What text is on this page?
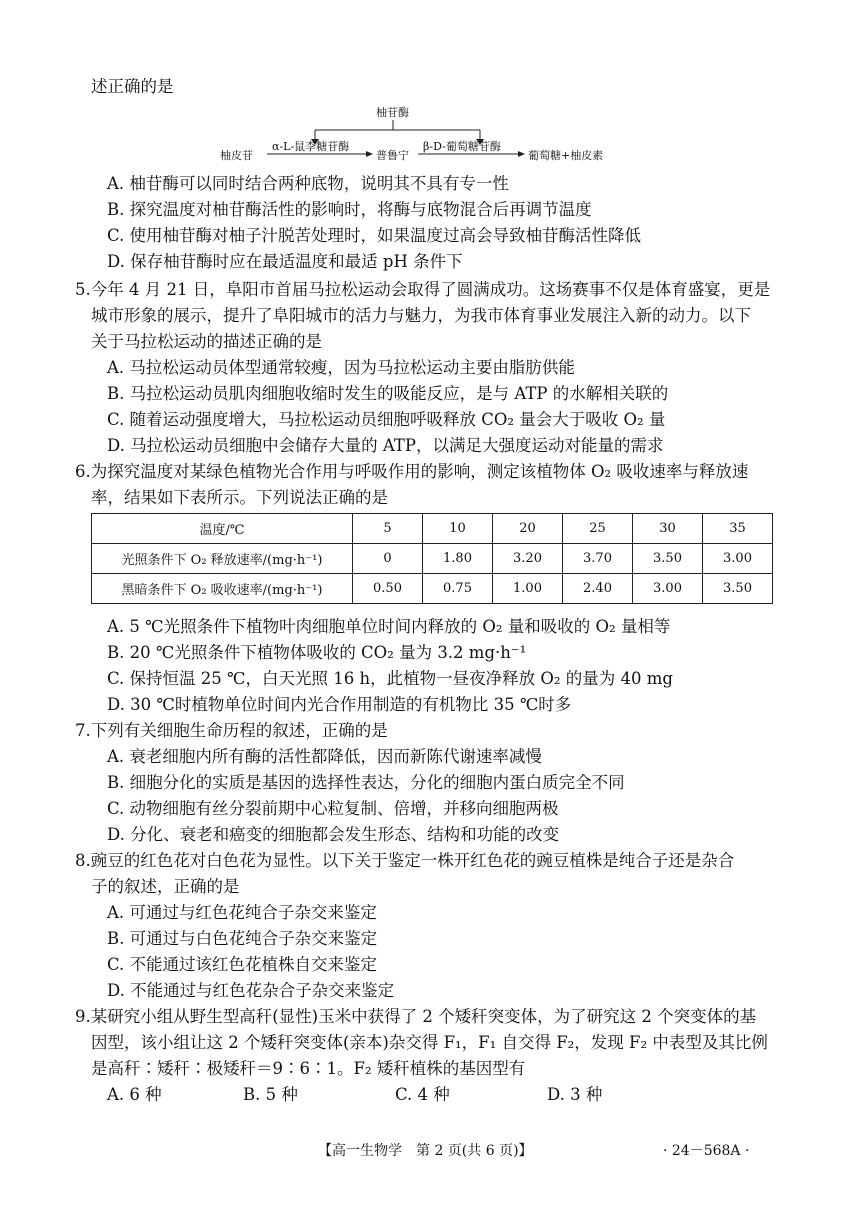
述正确的是
柚苷酶
柚皮苷
α-L-鼠李糖苷酶
普鲁宁
β-D-葡萄糖苷酶
葡萄糖+柚皮素
A. 柚苷酶可以同时结合两种底物，说明其不具有专一性
B. 探究温度对柚苷酶活性的影响时，将酶与底物混合后再调节温度
C. 使用柚苷酶对柚子汁脱苦处理时，如果温度过高会导致柚苷酶活性降低
D. 保存柚苷酶时应在最适温度和最适 pH 条件下
5.今年 4 月 21 日，阜阳市首届马拉松运动会取得了圆满成功。这场赛事不仅是体育盛宴，更是
城市形象的展示，提升了阜阳城市的活力与魅力，为我市体育事业发展注入新的动力。以下
关于马拉松运动的描述正确的是
A. 马拉松运动员体型通常较瘦，因为马拉松运动主要由脂肪供能
B. 马拉松运动员肌肉细胞收缩时发生的吸能反应，是与 ATP 的水解相关联的
C. 随着运动强度增大，马拉松运动员细胞呼吸释放 CO₂ 量会大于吸收 O₂ 量
D. 马拉松运动员细胞中会储存大量的 ATP，以满足大强度运动对能量的需求
6.为探究温度对某绿色植物光合作用与呼吸作用的影响，测定该植物体 O₂ 吸收速率与释放速
率，结果如下表所示。下列说法正确的是
温度/℃	5	10	20	25	30	35
光照条件下 O₂ 释放速率/(mg·h⁻¹)	0	1.80	3.20	3.70	3.50	3.00
黑暗条件下 O₂ 吸收速率/(mg·h⁻¹)	0.50	0.75	1.00	2.40	3.00	3.50
A. 5 ℃光照条件下植物叶肉细胞单位时间内释放的 O₂ 量和吸收的 O₂ 量相等
B. 20 ℃光照条件下植物体吸收的 CO₂ 量为 3.2 mg·h⁻¹
C. 保持恒温 25 ℃，白天光照 16 h，此植物一昼夜净释放 O₂ 的量为 40 mg
D. 30 ℃时植物单位时间内光合作用制造的有机物比 35 ℃时多
7.下列有关细胞生命历程的叙述，正确的是
A. 衰老细胞内所有酶的活性都降低，因而新陈代谢速率减慢
B. 细胞分化的实质是基因的选择性表达，分化的细胞内蛋白质完全不同
C. 动物细胞有丝分裂前期中心粒复制、倍增，并移向细胞两极
D. 分化、衰老和癌变的细胞都会发生形态、结构和功能的改变
8.豌豆的红色花对白色花为显性。以下关于鉴定一株开红色花的豌豆植株是纯合子还是杂合
子的叙述，正确的是
A. 可通过与红色花纯合子杂交来鉴定
B. 可通过与白色花纯合子杂交来鉴定
C. 不能通过该红色花植株自交来鉴定
D. 不能通过与红色花杂合子杂交来鉴定
9.某研究小组从野生型高秆(显性)玉米中获得了 2 个矮秆突变体，为了研究这 2 个突变体的基
因型，该小组让这 2 个矮秆突变体(亲本)杂交得 F₁，F₁ 自交得 F₂，发现 F₂ 中表型及其比例
是高秆∶矮秆∶极矮秆＝9∶6∶1。F₂ 矮秆植株的基因型有
A. 6 种	B. 5 种	C. 4 种	D. 3 种
【高一生物学　第 2 页(共 6 页)】	· 24－568A ·
